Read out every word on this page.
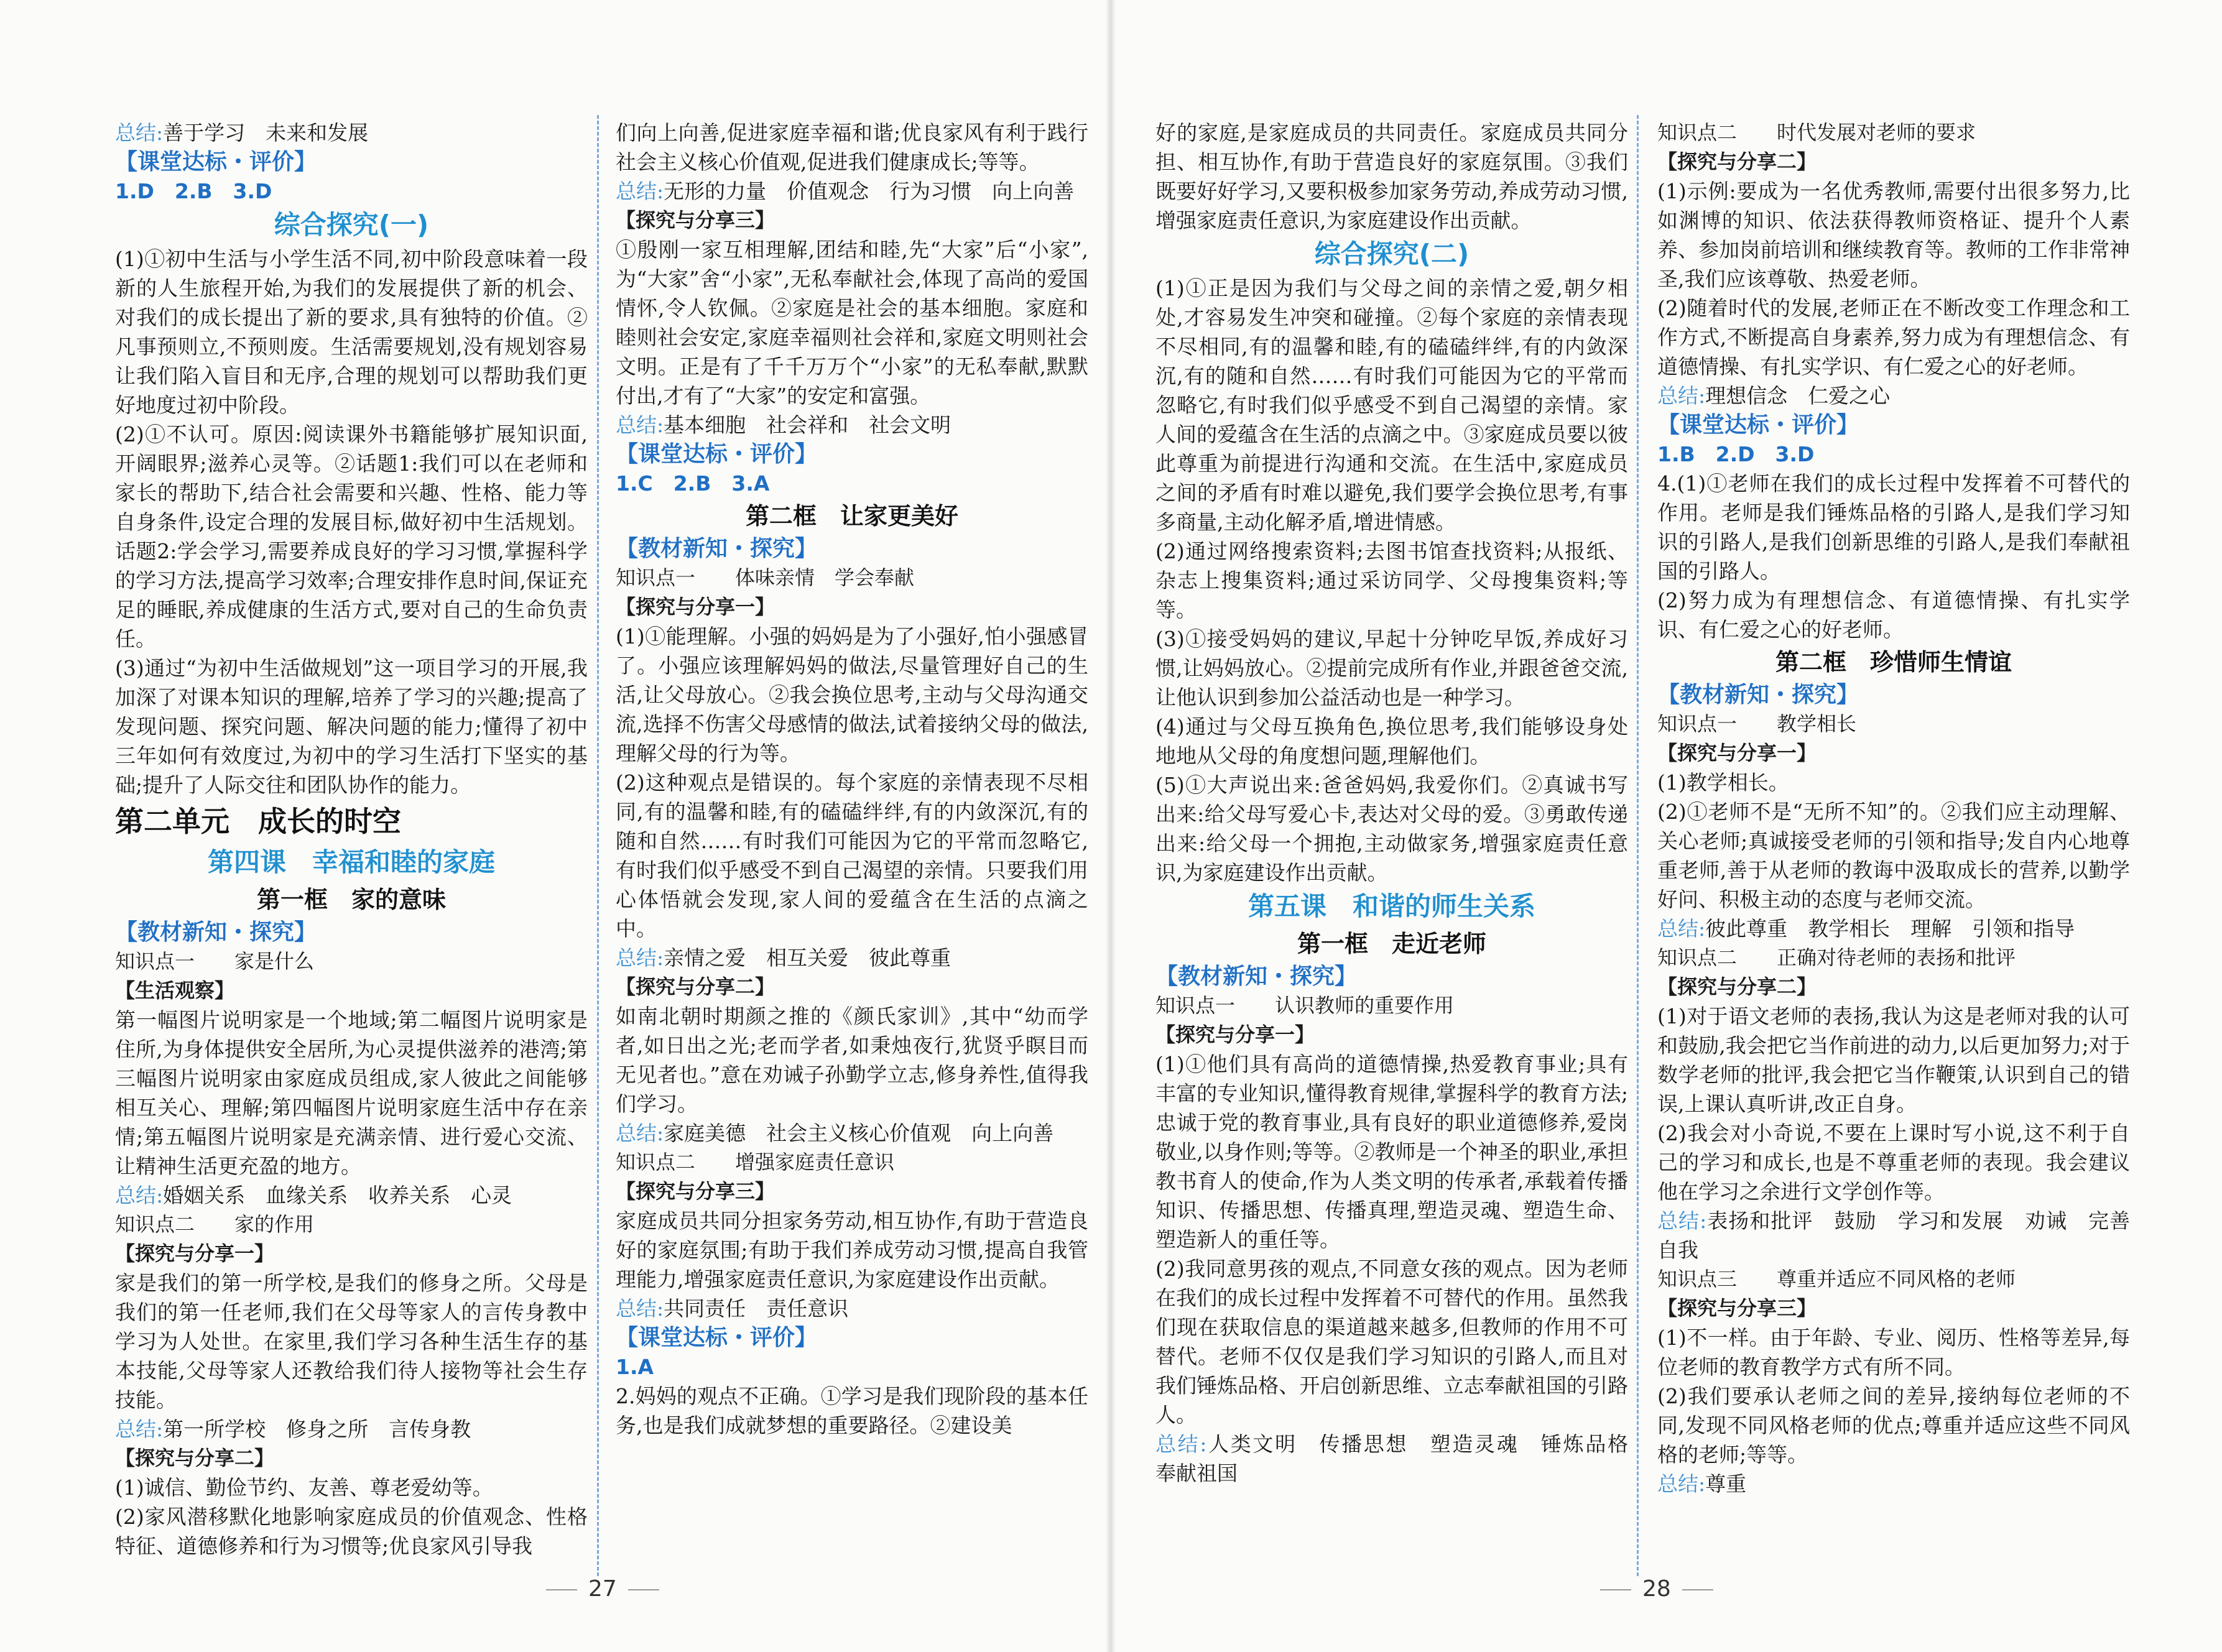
总结:善于学习　未来和发展
【课堂达标・评价】
1.D　2.B　3.D
综合探究(一)
(1)①初中生活与小学生活不同,初中阶段意味着一段新的人生旅程开始,为我们的发展提供了新的机会、对我们的成长提出了新的要求,具有独特的价值。②凡事预则立,不预则废。生活需要规划,没有规划容易让我们陷入盲目和无序,合理的规划可以帮助我们更好地度过初中阶段。
(2)①不认可。原因:阅读课外书籍能够扩展知识面,开阔眼界;滋养心灵等。②话题1:我们可以在老师和家长的帮助下,结合社会需要和兴趣、性格、能力等自身条件,设定合理的发展目标,做好初中生活规划。话题2:学会学习,需要养成良好的学习习惯,掌握科学的学习方法,提高学习效率;合理安排作息时间,保证充足的睡眠,养成健康的生活方式,要对自己的生命负责任。
(3)通过“为初中生活做规划”这一项目学习的开展,我加深了对课本知识的理解,培养了学习的兴趣;提高了发现问题、探究问题、解决问题的能力;懂得了初中三年如何有效度过,为初中的学习生活打下坚实的基础;提升了人际交往和团队协作的能力。
第二单元　成长的时空
第四课　幸福和睦的家庭
第一框　家的意味
【教材新知・探究】
知识点一　　家是什么
【生活观察】
第一幅图片说明家是一个地域;第二幅图片说明家是住所,为身体提供安全居所,为心灵提供滋养的港湾;第三幅图片说明家由家庭成员组成,家人彼此之间能够相互关心、理解;第四幅图片说明家庭生活中存在亲情;第五幅图片说明家是充满亲情、进行爱心交流、让精神生活更充盈的地方。
总结:婚姻关系　血缘关系　收养关系　心灵
知识点二　　家的作用
【探究与分享一】
家是我们的第一所学校,是我们的修身之所。父母是我们的第一任老师,我们在父母等家人的言传身教中学习为人处世。在家里,我们学习各种生活生存的基本技能,父母等家人还教给我们待人接物等社会生存技能。
总结:第一所学校　修身之所　言传身教
【探究与分享二】
(1)诚信、勤俭节约、友善、尊老爱幼等。
(2)家风潜移默化地影响家庭成员的价值观念、性格特征、道德修养和行为习惯等;优良家风引导我
们向上向善,促进家庭幸福和谐;优良家风有利于践行社会主义核心价值观,促进我们健康成长;等等。
总结:无形的力量　价值观念　行为习惯　向上向善
【探究与分享三】
①殷刚一家互相理解,团结和睦,先“大家”后“小家”,为“大家”舍“小家”,无私奉献社会,体现了高尚的爱国情怀,令人钦佩。②家庭是社会的基本细胞。家庭和睦则社会安定,家庭幸福则社会祥和,家庭文明则社会文明。正是有了千千万万个“小家”的无私奉献,默默付出,才有了“大家”的安定和富强。
总结:基本细胞　社会祥和　社会文明
【课堂达标・评价】
1.C　2.B　3.A
第二框　让家更美好
【教材新知・探究】
知识点一　　体味亲情　学会奉献
【探究与分享一】
(1)①能理解。小强的妈妈是为了小强好,怕小强感冒了。小强应该理解妈妈的做法,尽量管理好自己的生活,让父母放心。②我会换位思考,主动与父母沟通交流,选择不伤害父母感情的做法,试着接纳父母的做法,理解父母的行为等。
(2)这种观点是错误的。每个家庭的亲情表现不尽相同,有的温馨和睦,有的磕磕绊绊,有的内敛深沉,有的随和自然……有时我们可能因为它的平常而忽略它,有时我们似乎感受不到自己渴望的亲情。只要我们用心体悟就会发现,家人间的爱蕴含在生活的点滴之中。
总结:亲情之爱　相互关爱　彼此尊重
【探究与分享二】
如南北朝时期颜之推的《颜氏家训》,其中“幼而学者,如日出之光;老而学者,如秉烛夜行,犹贤乎瞑目而无见者也。”意在劝诫子孙勤学立志,修身养性,值得我们学习。
总结:家庭美德　社会主义核心价值观　向上向善
知识点二　　增强家庭责任意识
【探究与分享三】
家庭成员共同分担家务劳动,相互协作,有助于营造良好的家庭氛围;有助于我们养成劳动习惯,提高自我管理能力,增强家庭责任意识,为家庭建设作出贡献。
总结:共同责任　责任意识
【课堂达标・评价】
1.A
2.妈妈的观点不正确。①学习是我们现阶段的基本任务,也是我们成就梦想的重要路径。②建设美
好的家庭,是家庭成员的共同责任。家庭成员共同分担、相互协作,有助于营造良好的家庭氛围。③我们既要好好学习,又要积极参加家务劳动,养成劳动习惯,增强家庭责任意识,为家庭建设作出贡献。
综合探究(二)
(1)①正是因为我们与父母之间的亲情之爱,朝夕相处,才容易发生冲突和碰撞。②每个家庭的亲情表现不尽相同,有的温馨和睦,有的磕磕绊绊,有的内敛深沉,有的随和自然……有时我们可能因为它的平常而忽略它,有时我们似乎感受不到自己渴望的亲情。家人间的爱蕴含在生活的点滴之中。③家庭成员要以彼此尊重为前提进行沟通和交流。在生活中,家庭成员之间的矛盾有时难以避免,我们要学会换位思考,有事多商量,主动化解矛盾,增进情感。
(2)通过网络搜索资料;去图书馆查找资料;从报纸、杂志上搜集资料;通过采访同学、父母搜集资料;等等。
(3)①接受妈妈的建议,早起十分钟吃早饭,养成好习惯,让妈妈放心。②提前完成所有作业,并跟爸爸交流,让他认识到参加公益活动也是一种学习。
(4)通过与父母互换角色,换位思考,我们能够设身处地地从父母的角度想问题,理解他们。
(5)①大声说出来:爸爸妈妈,我爱你们。②真诚书写出来:给父母写爱心卡,表达对父母的爱。③勇敢传递出来:给父母一个拥抱,主动做家务,增强家庭责任意识,为家庭建设作出贡献。
第五课　和谐的师生关系
第一框　走近老师
【教材新知・探究】
知识点一　　认识教师的重要作用
【探究与分享一】
(1)①他们具有高尚的道德情操,热爱教育事业;具有丰富的专业知识,懂得教育规律,掌握科学的教育方法;忠诚于党的教育事业,具有良好的职业道德修养,爱岗敬业,以身作则;等等。②教师是一个神圣的职业,承担教书育人的使命,作为人类文明的传承者,承载着传播知识、传播思想、传播真理,塑造灵魂、塑造生命、塑造新人的重任等。
(2)我同意男孩的观点,不同意女孩的观点。因为老师在我们的成长过程中发挥着不可替代的作用。虽然我们现在获取信息的渠道越来越多,但教师的作用不可替代。老师不仅仅是我们学习知识的引路人,而且对我们锤炼品格、开启创新思维、立志奉献祖国的引路人。
总结:人类文明　传播思想　塑造灵魂　锤炼品格　奉献祖国
知识点二　　时代发展对老师的要求
【探究与分享二】
(1)示例:要成为一名优秀教师,需要付出很多努力,比如渊博的知识、依法获得教师资格证、提升个人素养、参加岗前培训和继续教育等。教师的工作非常神圣,我们应该尊敬、热爱老师。
(2)随着时代的发展,老师正在不断改变工作理念和工作方式,不断提高自身素养,努力成为有理想信念、有道德情操、有扎实学识、有仁爱之心的好老师。
总结:理想信念　仁爱之心
【课堂达标・评价】
1.B　2.D　3.D
4.(1)①老师在我们的成长过程中发挥着不可替代的作用。老师是我们锤炼品格的引路人,是我们学习知识的引路人,是我们创新思维的引路人,是我们奉献祖国的引路人。
(2)努力成为有理想信念、有道德情操、有扎实学识、有仁爱之心的好老师。
第二框　珍惜师生情谊
【教材新知・探究】
知识点一　　教学相长
【探究与分享一】
(1)教学相长。
(2)①老师不是“无所不知”的。②我们应主动理解、关心老师;真诚接受老师的引领和指导;发自内心地尊重老师,善于从老师的教诲中汲取成长的营养,以勤学好问、积极主动的态度与老师交流。
总结:彼此尊重　教学相长　理解　引领和指导
知识点二　　正确对待老师的表扬和批评
【探究与分享二】
(1)对于语文老师的表扬,我认为这是老师对我的认可和鼓励,我会把它当作前进的动力,以后更加努力;对于数学老师的批评,我会把它当作鞭策,认识到自己的错误,上课认真听讲,改正自身。
(2)我会对小奇说,不要在上课时写小说,这不利于自己的学习和成长,也是不尊重老师的表现。我会建议他在学习之余进行文学创作等。
总结:表扬和批评　鼓励　学习和发展　劝诫　完善自我
知识点三　　尊重并适应不同风格的老师
【探究与分享三】
(1)不一样。由于年龄、专业、阅历、性格等差异,每位老师的教育教学方式有所不同。
(2)我们要承认老师之间的差异,接纳每位老师的不同,发现不同风格老师的优点;尊重并适应这些不同风格的老师;等等。
总结:尊重
27	28
